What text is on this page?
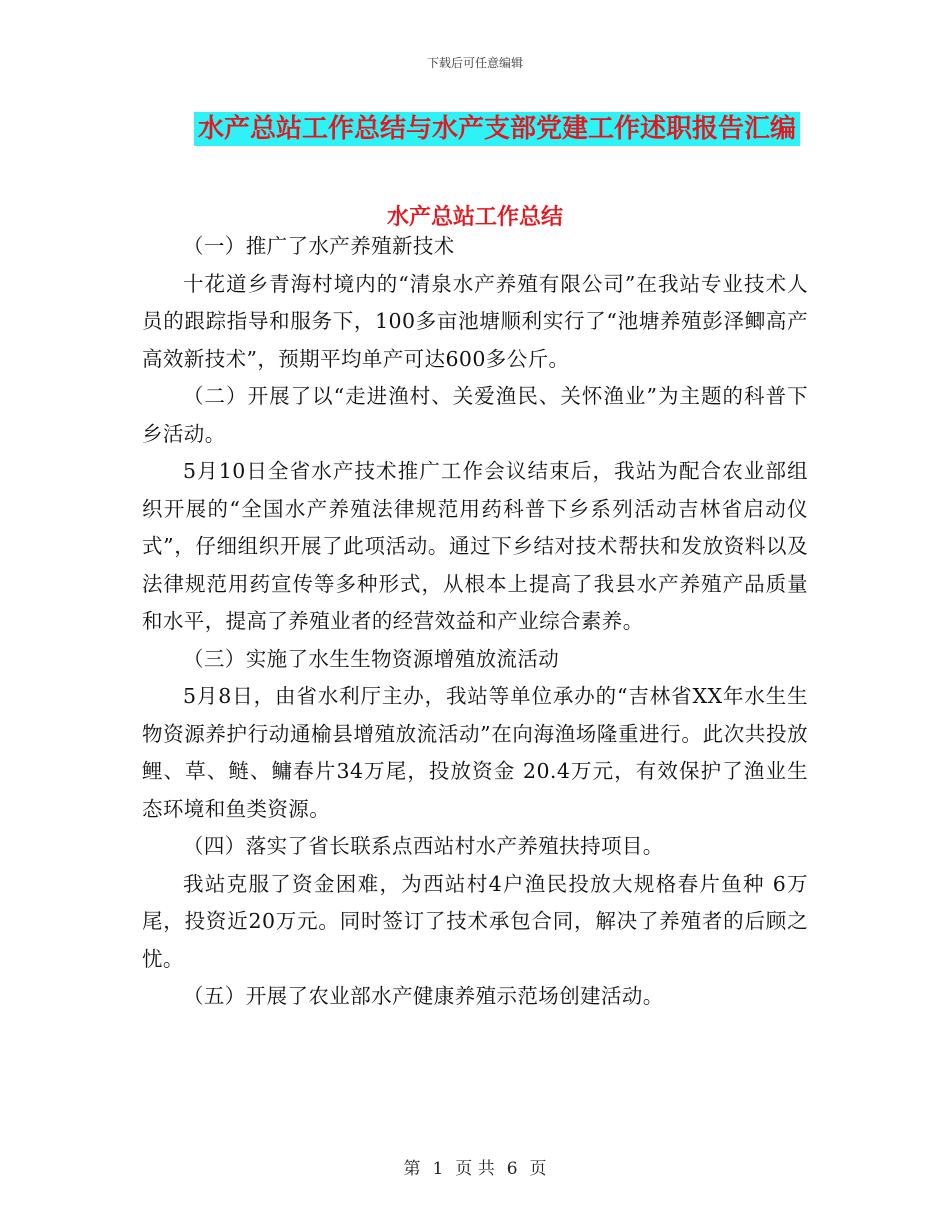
下载后可任意编辑
水产总站工作总结与水产支部党建工作述职报告汇编
水产总站工作总结

（一）推广了水产养殖新技术

十花道乡青海村境内的“清泉水产养殖有限公司”在我站专业技术人员的跟踪指导和服务下，100多亩池塘顺利实行了“池塘养殖彭泽鲫高产高效新技术”，预期平均单产可达600多公斤。

（二）开展了以“走进渔村、关爱渔民、关怀渔业”为主题的科普下乡活动。

5月10日全省水产技术推广工作会议结束后，我站为配合农业部组织开展的“全国水产养殖法律规范用药科普下乡系列活动吉林省启动仪式”，仔细组织开展了此项活动。通过下乡结对技术帮扶和发放资料以及法律规范用药宣传等多种形式，从根本上提高了我县水产养殖产品质量和水平，提高了养殖业者的经营效益和产业综合素养。

（三）实施了水生生物资源增殖放流活动

5月8日，由省水利厅主办，我站等单位承办的“吉林省XX年水生生物资源养护行动通榆县增殖放流活动”在向海渔场隆重进行。此次共投放鲤、草、鲢、鳙春片34万尾，投放资金 20.4万元，有效保护了渔业生态环境和鱼类资源。

（四）落实了省长联系点西站村水产养殖扶持项目。

我站克服了资金困难，为西站村4户渔民投放大规格春片鱼种 6万尾，投资近20万元。同时签订了技术承包合同，解决了养殖者的后顾之忧。

（五）开展了农业部水产健康养殖示范场创建活动。

第 1 页 共 6 页
